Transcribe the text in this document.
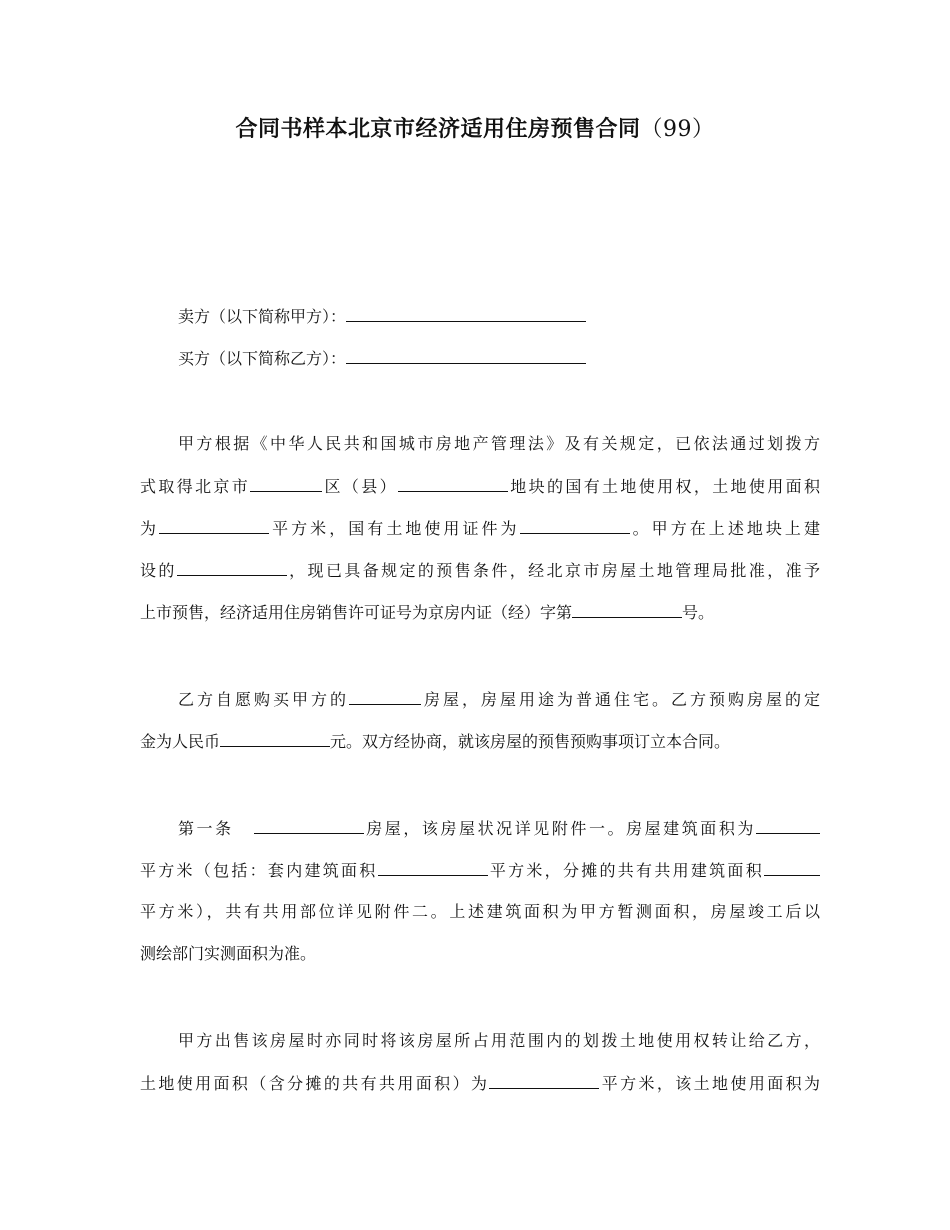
合同书样本北京市经济适用住房预售合同（99）
卖方（以下简称甲方）：
买方（以下简称乙方）：
甲方根据《中华人民共和国城市房地产管理法》及有关规定，已依法通过划拨方
式取得北京市	区（县）	地块的国有土地使用权，土地使用面积
为	平方米，国有土地使用证件为	。甲方在上述地块上建
设的	，现已具备规定的预售条件，经北京市房屋土地管理局批准，准予
上市预售，经济适用住房销售许可证号为京房内证（经）字第	号。
乙方自愿购买甲方的	房屋，房屋用途为普通住宅。乙方预购房屋的定
金为人民币	元。双方经协商，就该房屋的预售预购事项订立本合同。
第一条	房屋，该房屋状况详见附件一。房屋建筑面积为
平方米（包括：套内建筑面积	平方米，分摊的共有共用建筑面积
平方米），共有共用部位详见附件二。上述建筑面积为甲方暂测面积，房屋竣工后以
测绘部门实测面积为准。
甲方出售该房屋时亦同时将该房屋所占用范围内的划拨土地使用权转让给乙方，
土地使用面积（含分摊的共有共用面积）为	平方米，该土地使用面积为
